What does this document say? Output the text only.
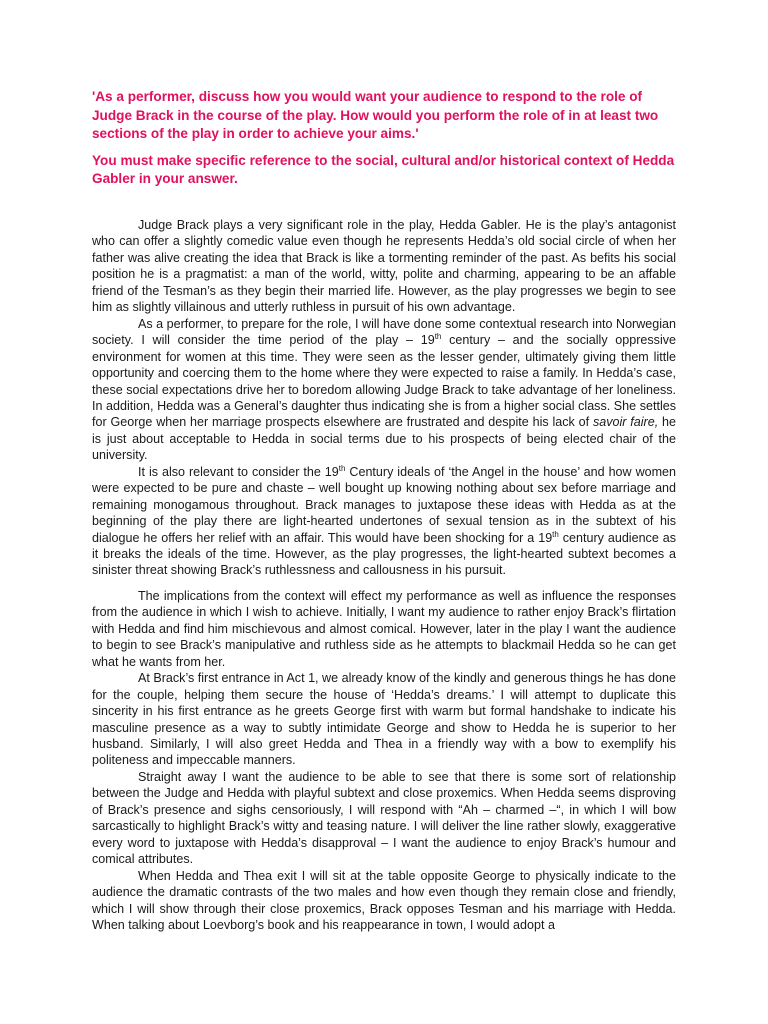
'As a performer, discuss how you would want your audience to respond to the role of Judge Brack in the course of the play. How would you perform the role of in at least two sections of the play in order to achieve your aims.'

You must make specific reference to the social, cultural and/or historical context of Hedda Gabler in your answer.

Judge Brack plays a very significant role in the play, Hedda Gabler. He is the play’s antagonist who can offer a slightly comedic value even though he represents Hedda’s old social circle of when her father was alive creating the idea that Brack is like a tormenting reminder of the past. As befits his social position he is a pragmatist: a man of the world, witty, polite and charming, appearing to be an affable friend of the Tesman’s as they begin their married life. However, as the play progresses we begin to see him as slightly villainous and utterly ruthless in pursuit of his own advantage.

As a performer, to prepare for the role, I will have done some contextual research into Norwegian society. I will consider the time period of the play – 19th century – and the socially oppressive environment for women at this time. They were seen as the lesser gender, ultimately giving them little opportunity and coercing them to the home where they were expected to raise a family. In Hedda’s case, these social expectations drive her to boredom allowing Judge Brack to take advantage of her loneliness. In addition, Hedda was a General’s daughter thus indicating she is from a higher social class. She settles for George when her marriage prospects elsewhere are frustrated and despite his lack of savoir faire, he is just about acceptable to Hedda in social terms due to his prospects of being elected chair of the university.

It is also relevant to consider the 19th Century ideals of ‘the Angel in the house’ and how women were expected to be pure and chaste – well bought up knowing nothing about sex before marriage and remaining monogamous throughout. Brack manages to juxtapose these ideas with Hedda as at the beginning of the play there are light-hearted undertones of sexual tension as in the subtext of his dialogue he offers her relief with an affair. This would have been shocking for a 19th century audience as it breaks the ideals of the time. However, as the play progresses, the light-hearted subtext becomes a sinister threat showing Brack’s ruthlessness and callousness in his pursuit.

The implications from the context will effect my performance as well as influence the responses from the audience in which I wish to achieve. Initially, I want my audience to rather enjoy Brack’s flirtation with Hedda and find him mischievous and almost comical. However, later in the play I want the audience to begin to see Brack’s manipulative and ruthless side as he attempts to blackmail Hedda so he can get what he wants from her.

At Brack’s first entrance in Act 1, we already know of the kindly and generous things he has done for the couple, helping them secure the house of ‘Hedda’s dreams.’ I will attempt to duplicate this sincerity in his first entrance as he greets George first with warm but formal handshake to indicate his masculine presence as a way to subtly intimidate George and show to Hedda he is superior to her husband. Similarly, I will also greet Hedda and Thea in a friendly way with a bow to exemplify his politeness and impeccable manners.

Straight away I want the audience to be able to see that there is some sort of relationship between the Judge and Hedda with playful subtext and close proxemics. When Hedda seems disproving of Brack’s presence and sighs censoriously, I will respond with “Ah – charmed –“, in which I will bow sarcastically to highlight Brack’s witty and teasing nature. I will deliver the line rather slowly, exaggerative every word to juxtapose with Hedda’s disapproval – I want the audience to enjoy Brack’s humour and comical attributes.

When Hedda and Thea exit I will sit at the table opposite George to physically indicate to the audience the dramatic contrasts of the two males and how even though they remain close and friendly, which I will show through their close proxemics, Brack opposes Tesman and his marriage with Hedda. When talking about Loevborg’s book and his reappearance in town, I would adopt a
